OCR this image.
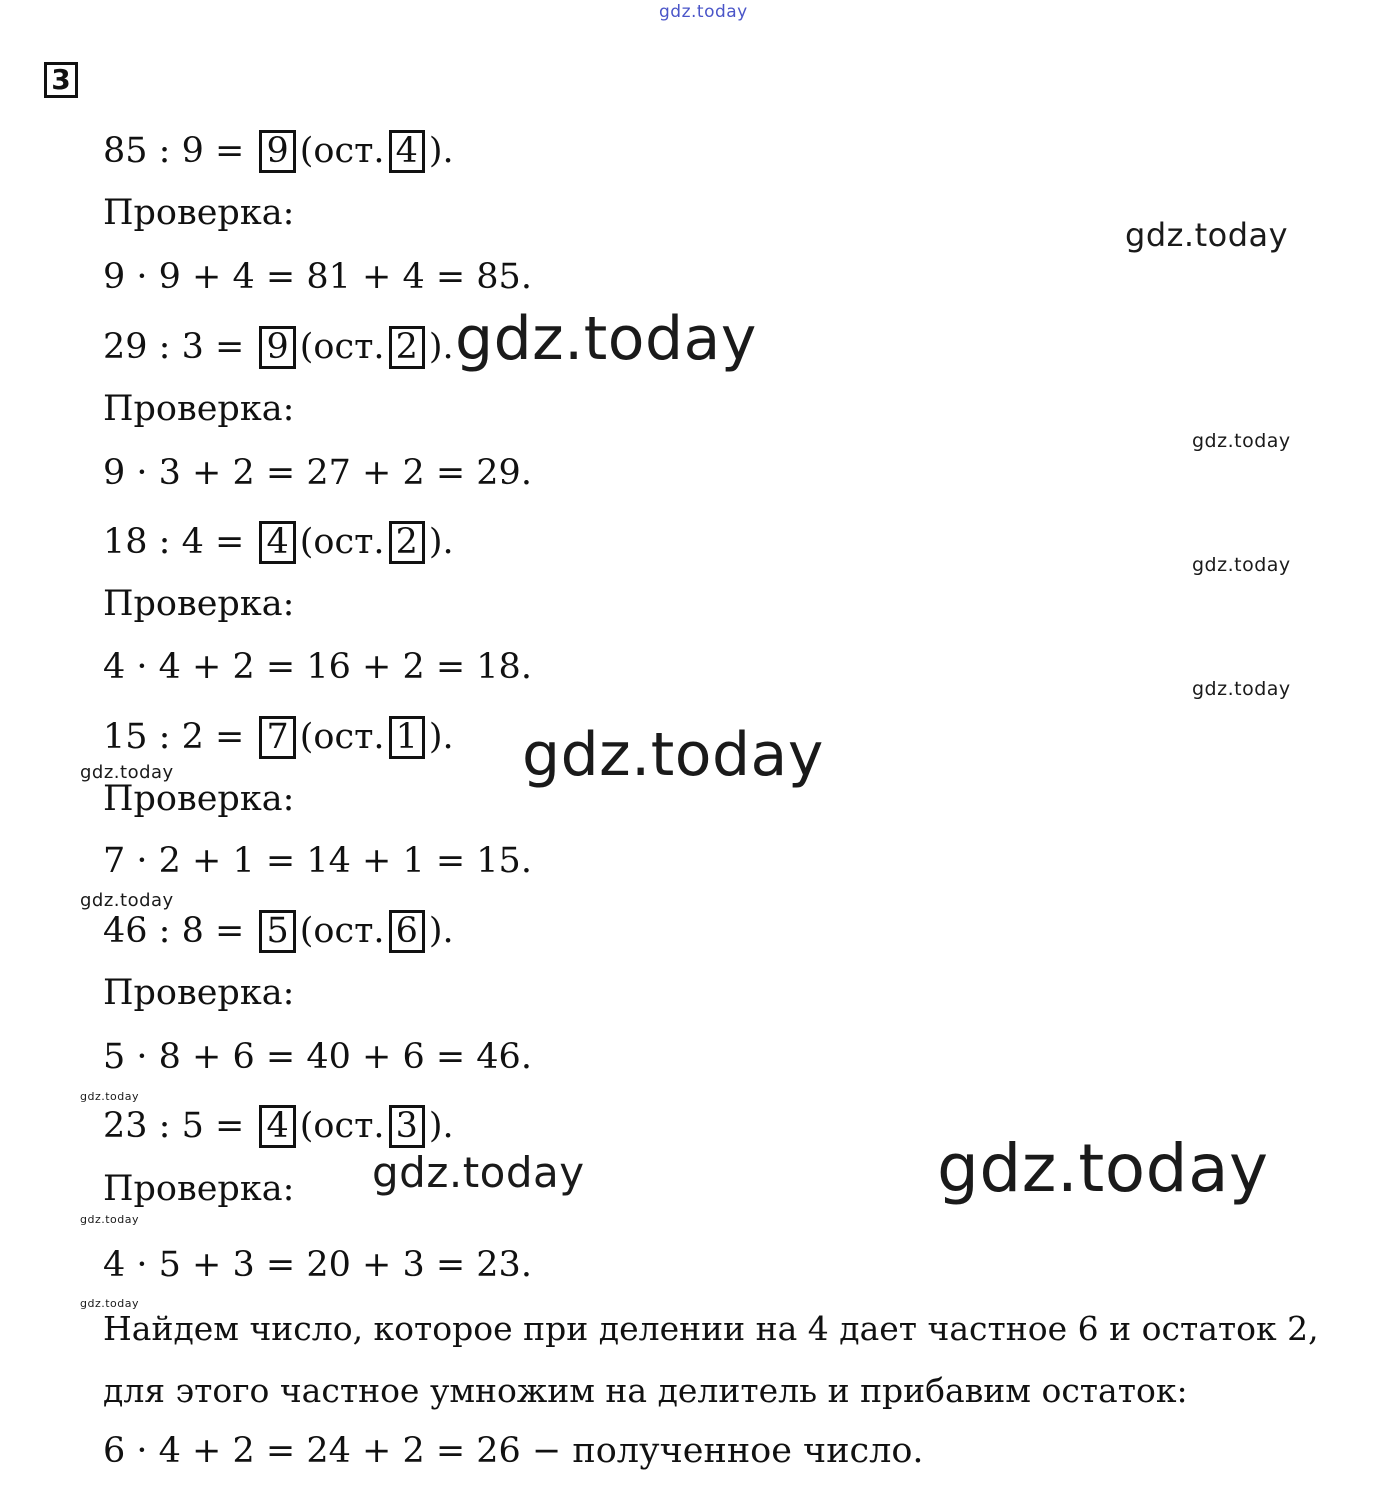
gdz.today
gdz.today
gdz.today
gdz.today
gdz.today
gdz.today
gdz.today
gdz.today
gdz.today
gdz.today
gdz.today	gdz.today
gdz.today
gdz.today
3
85 : 9 = 9 (ост. 4 ).
Проверка:
9 · 9 + 4 = 81 + 4 = 85.
29 : 3 = 9 (ост. 2 ).
Проверка:
9 · 3 + 2 = 27 + 2 = 29.
18 : 4 = 4 (ост. 2 ).
Проверка:
4 · 4 + 2 = 16 + 2 = 18.
15 : 2 = 7 (ост. 1 ).
Проверка:
7 · 2 + 1 = 14 + 1 = 15.
46 : 8 = 5 (ост. 6 ).
Проверка:
5 · 8 + 6 = 40 + 6 = 46.
23 : 5 = 4 (ост. 3 ).
Проверка:
4 · 5 + 3 = 20 + 3 = 23.
Найдем число, которое при делении на 4 дает частное 6 и остаток 2,
для этого частное умножим на делитель и прибавим остаток:
6 · 4 + 2 = 24 + 2 = 26 − полученное число.
